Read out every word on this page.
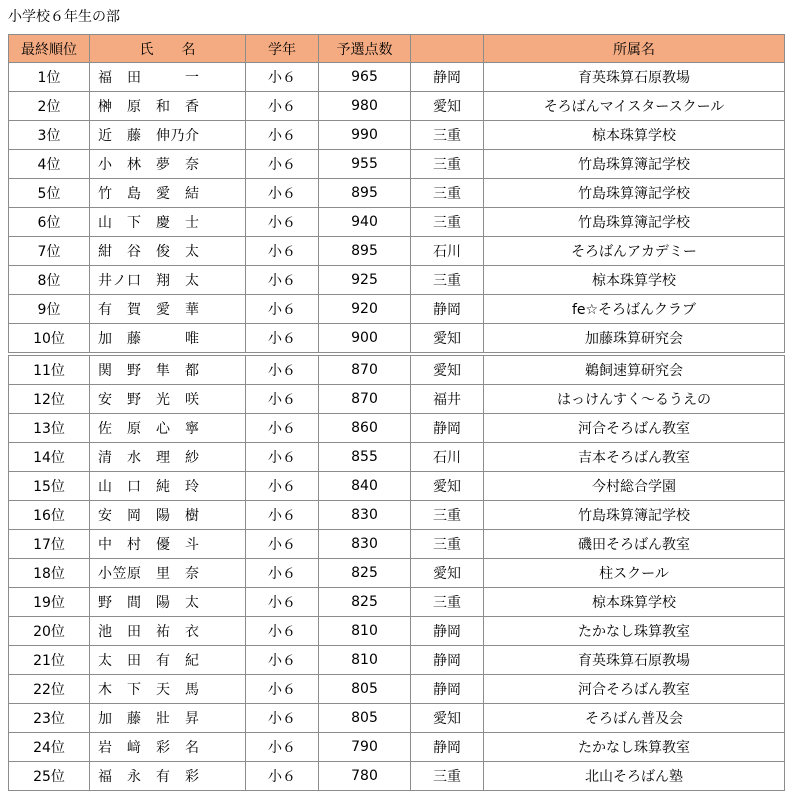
小学校６年生の部
最終順位	氏　　名	学年	予選点数		所属名
1位	福　田　　　一	小６	965	静岡	育英珠算石原教場
2位	榊　原　和　香	小６	980	愛知	そろばんマイスタースクール
3位	近　藤　伸乃介	小６	990	三重	椋本珠算学校
4位	小　林　夢　奈	小６	955	三重	竹島珠算簿記学校
5位	竹　島　愛　結	小６	895	三重	竹島珠算簿記学校
6位	山　下　慶　士	小６	940	三重	竹島珠算簿記学校
7位	紺　谷　俊　太	小６	895	石川	そろばんアカデミー
8位	井ノ口　翔　太	小６	925	三重	椋本珠算学校
9位	有　賀　愛　華	小６	920	静岡	fe☆そろばんクラブ
10位	加　藤　　　唯	小６	900	愛知	加藤珠算研究会
11位	関　野　隼　都	小６	870	愛知	鵜飼速算研究会
12位	安　野　光　咲	小６	870	福井	はっけんすく～るうえの
13位	佐　原　心　寧	小６	860	静岡	河合そろばん教室
14位	清　水　理　紗	小６	855	石川	吉本そろばん教室
15位	山　口　純　玲	小６	840	愛知	今村総合学園
16位	安　岡　陽　樹	小６	830	三重	竹島珠算簿記学校
17位	中　村　優　斗	小６	830	三重	磯田そろばん教室
18位	小笠原　里　奈	小６	825	愛知	柱スクール
19位	野　間　陽　太	小６	825	三重	椋本珠算学校
20位	池　田　祐　衣	小６	810	静岡	たかなし珠算教室
21位	太　田　有　紀	小６	810	静岡	育英珠算石原教場
22位	木　下　天　馬	小６	805	静岡	河合そろばん教室
23位	加　藤　壯　昇	小６	805	愛知	そろばん普及会
24位	岩　﨑　彩　名	小６	790	静岡	たかなし珠算教室
25位	福　永　有　彩	小６	780	三重	北山そろばん塾
